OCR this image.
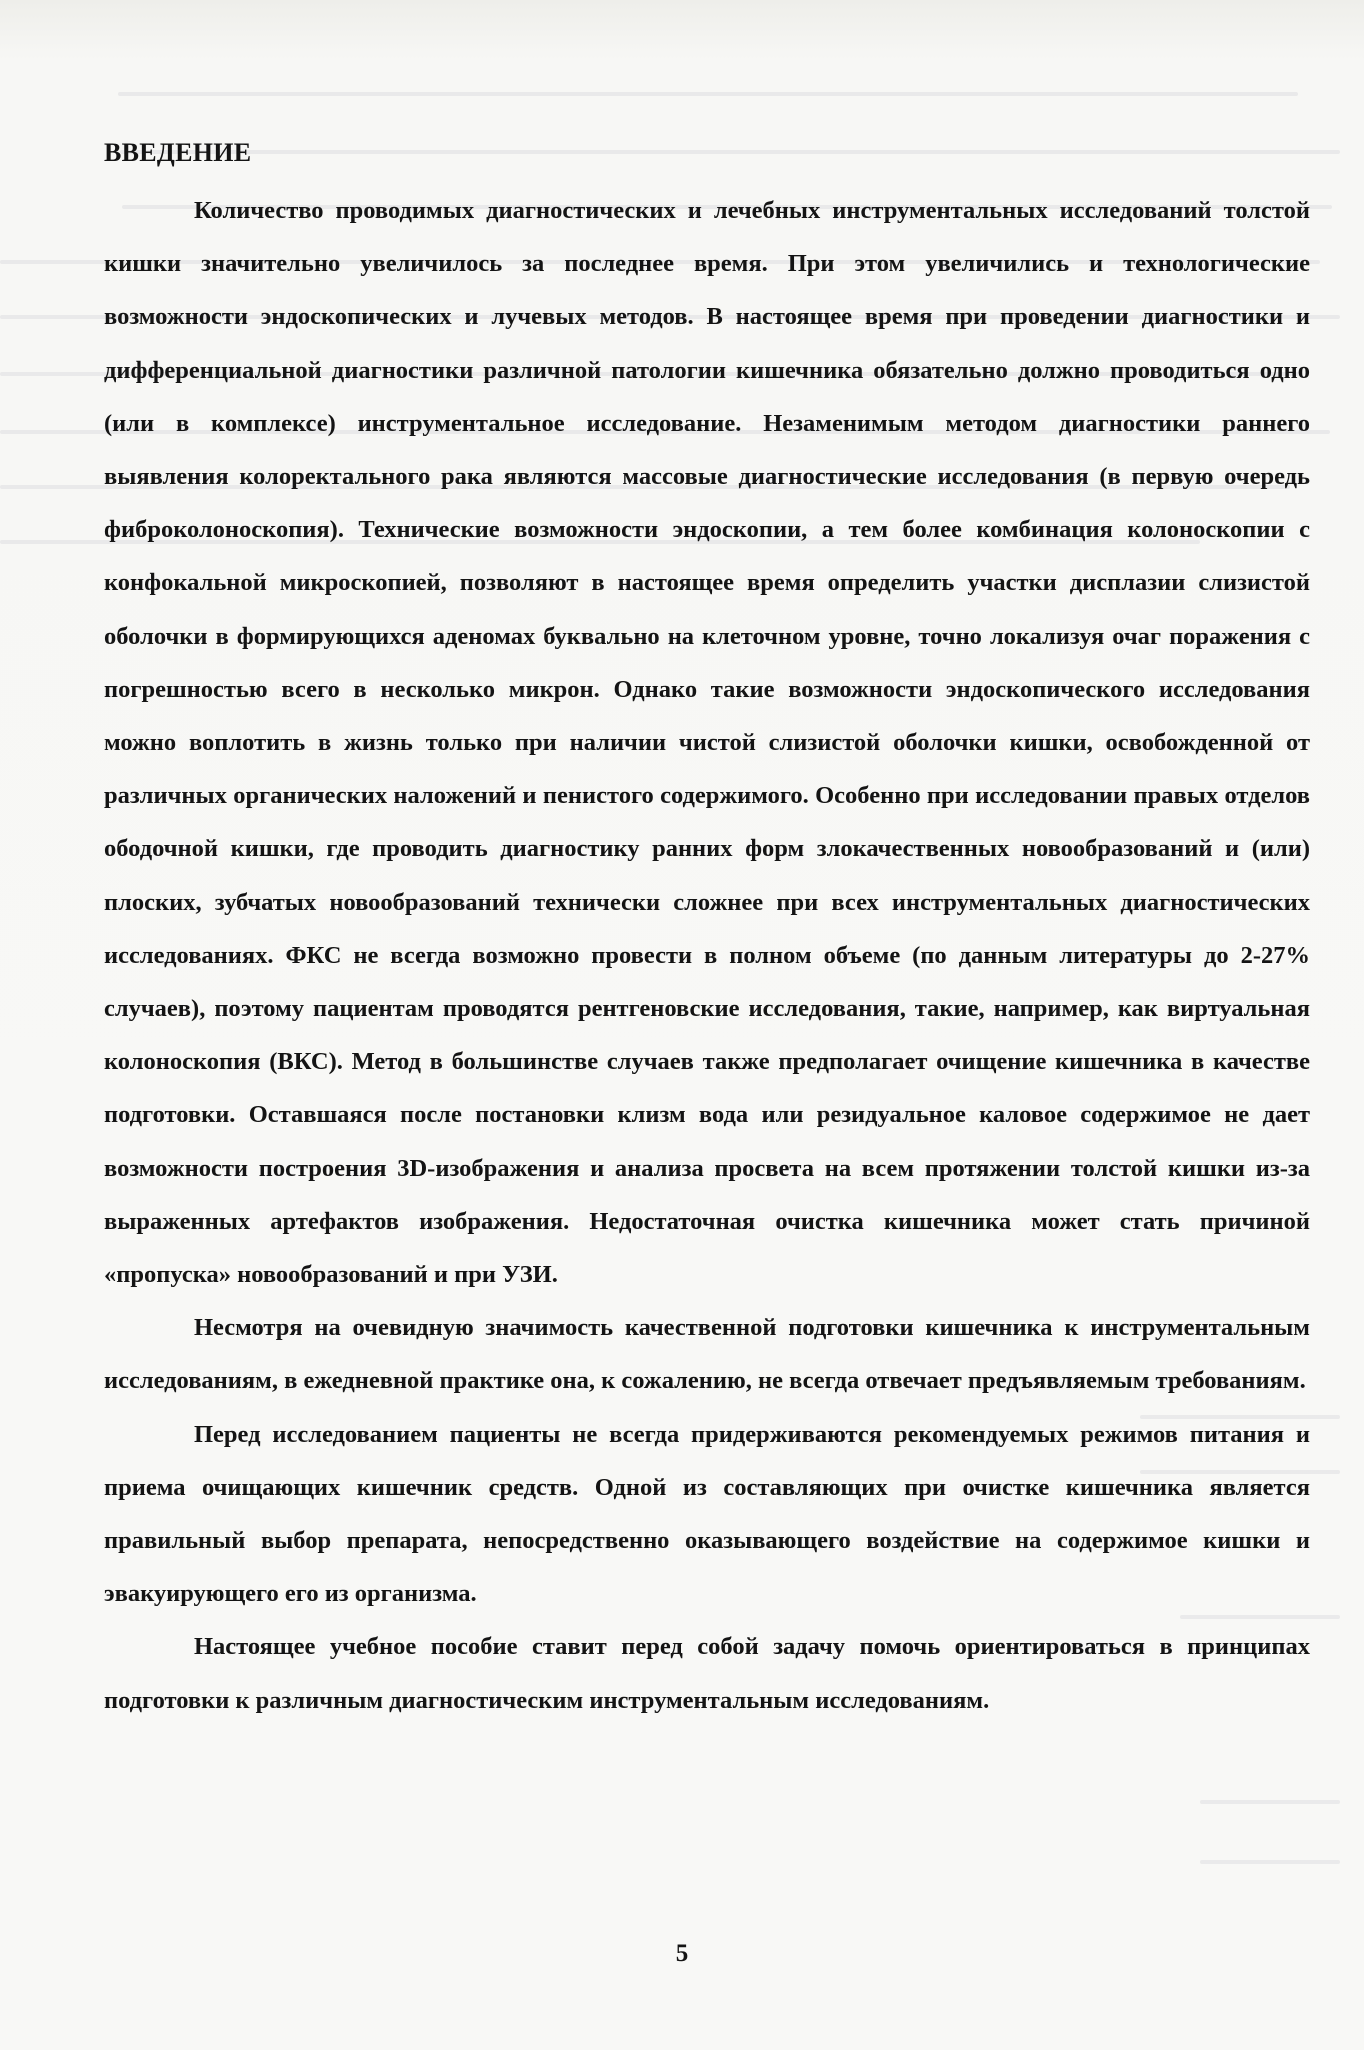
ВВЕДЕНИЕ

Количество проводимых диагностических и лечебных инструментальных исследований толстой кишки значительно увеличилось за последнее время. При этом увеличились и технологические возможности эндоскопических и лучевых методов. В настоящее время при проведении диагностики и дифференциальной диагностики различной патологии кишечника обязательно должно проводиться одно (или в комплексе) инструментальное исследование. Незаменимым методом диагностики раннего выявления колоректального рака являются массовые диагностические исследования (в первую очередь фиброколоноскопия). Технические возможности эндоскопии, а тем более комбинация колоноскопии с конфокальной микроскопией, позволяют в настоящее время определить участки дисплазии слизистой оболочки в формирующихся аденомах буквально на клеточном уровне, точно локализуя очаг поражения с погрешностью всего в несколько микрон. Однако такие возможности эндоскопического исследования можно воплотить в жизнь только при наличии чистой слизистой оболочки кишки, освобожденной от различных органических наложений и пенистого содержимого. Особенно при исследовании правых отделов ободочной кишки, где проводить диагностику ранних форм злокачественных новообразований и (или) плоских, зубчатых новообразований технически сложнее при всех инструментальных диагностических исследованиях. ФКС не всегда возможно провести в полном объеме (по данным литературы до 2-27% случаев), поэтому пациентам проводятся рентгеновские исследования, такие, например, как виртуальная колоноскопия (ВКС). Метод в большинстве случаев также предполагает очищение кишечника в качестве подготовки. Оставшаяся после постановки клизм вода или резидуальное каловое содержимое не дает возможности построения 3D-изображения и анализа просвета на всем протяжении толстой кишки из-за выраженных артефактов изображения. Недостаточная очистка кишечника может стать причиной «пропуска» новообразований и при УЗИ.

Несмотря на очевидную значимость качественной подготовки кишечника к инструментальным исследованиям, в ежедневной практике она, к сожалению, не всегда отвечает предъявляемым требованиям.

Перед исследованием пациенты не всегда придерживаются рекомендуемых режимов питания и приема очищающих кишечник средств. Одной из составляющих при очистке кишечника является правильный выбор препарата, непосредственно оказывающего воздействие на содержимое кишки и эвакуирующего его из организма.

Настоящее учебное пособие ставит перед собой задачу помочь ориентироваться в принципах подготовки к различным диагностическим инструментальным исследованиям.

5
